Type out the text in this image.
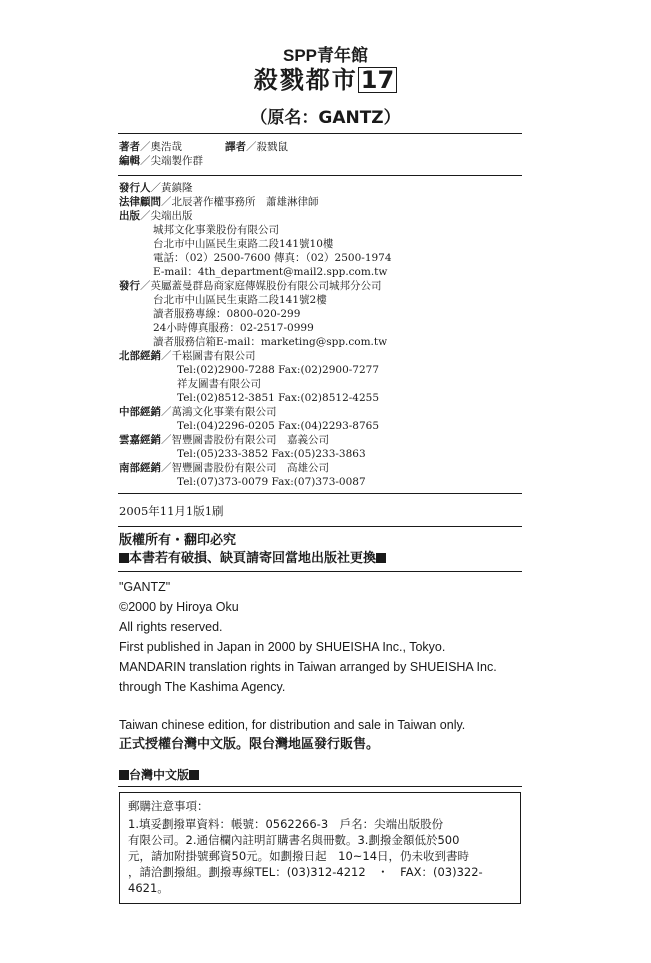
SPP青年館
殺戮都市 17
（原名：GANTZ）
著者／奧浩哉	譯者／殺戮鼠
編輯／尖端製作群
發行人／黃鎮隆
法律顧問／北辰著作權事務所　蕭雄淋律師
出版／尖端出版
城邦文化事業股份有限公司
台北市中山區民生東路二段141號10樓
電話：（02）2500-7600 傳真：（02）2500-1974
E-mail：4th_department@mail2.spp.com.tw
發行／英屬蓋曼群島商家庭傳媒股份有限公司城邦分公司
台北市中山區民生東路二段141號2樓
讀者服務專線：0800-020-299
24小時傳真服務：02-2517-0999
讀者服務信箱E-mail：marketing@spp.com.tw
北部經銷／千崧圖書有限公司
Tel:(02)2900-7288 Fax:(02)2900-7277
祥友圖書有限公司
Tel:(02)8512-3851 Fax:(02)8512-4255
中部經銷／萬鴻文化事業有限公司
Tel:(04)2296-0205 Fax:(04)2293-8765
雲嘉經銷／智豐圖書股份有限公司　嘉義公司
Tel:(05)233-3852 Fax:(05)233-3863
南部經銷／智豐圖書股份有限公司　高雄公司
Tel:(07)373-0079 Fax:(07)373-0087
2005年11月1版1刷
版權所有・翻印必究
本書若有破損、缺頁請寄回當地出版社更換
"GANTZ"
©2000 by Hiroya Oku
All rights reserved.
First published in Japan in 2000 by SHUEISHA Inc., Tokyo.
MANDARIN translation rights in Taiwan arranged by SHUEISHA Inc.
through The Kashima Agency.
Taiwan chinese edition, for distribution and sale in Taiwan only.
正式授權台灣中文版。限台灣地區發行販售。
台灣中文版
郵購注意事項：
1.填妥劃撥單資料：帳號：0562266-3　戶名：尖端出版股份
有限公司。2.通信欄內註明訂購書名與冊數。3.劃撥金額低於500
元，請加附掛號郵資50元。如劃撥日起　10~14日，仍未收到書時
，請洽劃撥組。劃撥專線TEL：(03)312-4212　・　FAX：(03)322-
4621。
